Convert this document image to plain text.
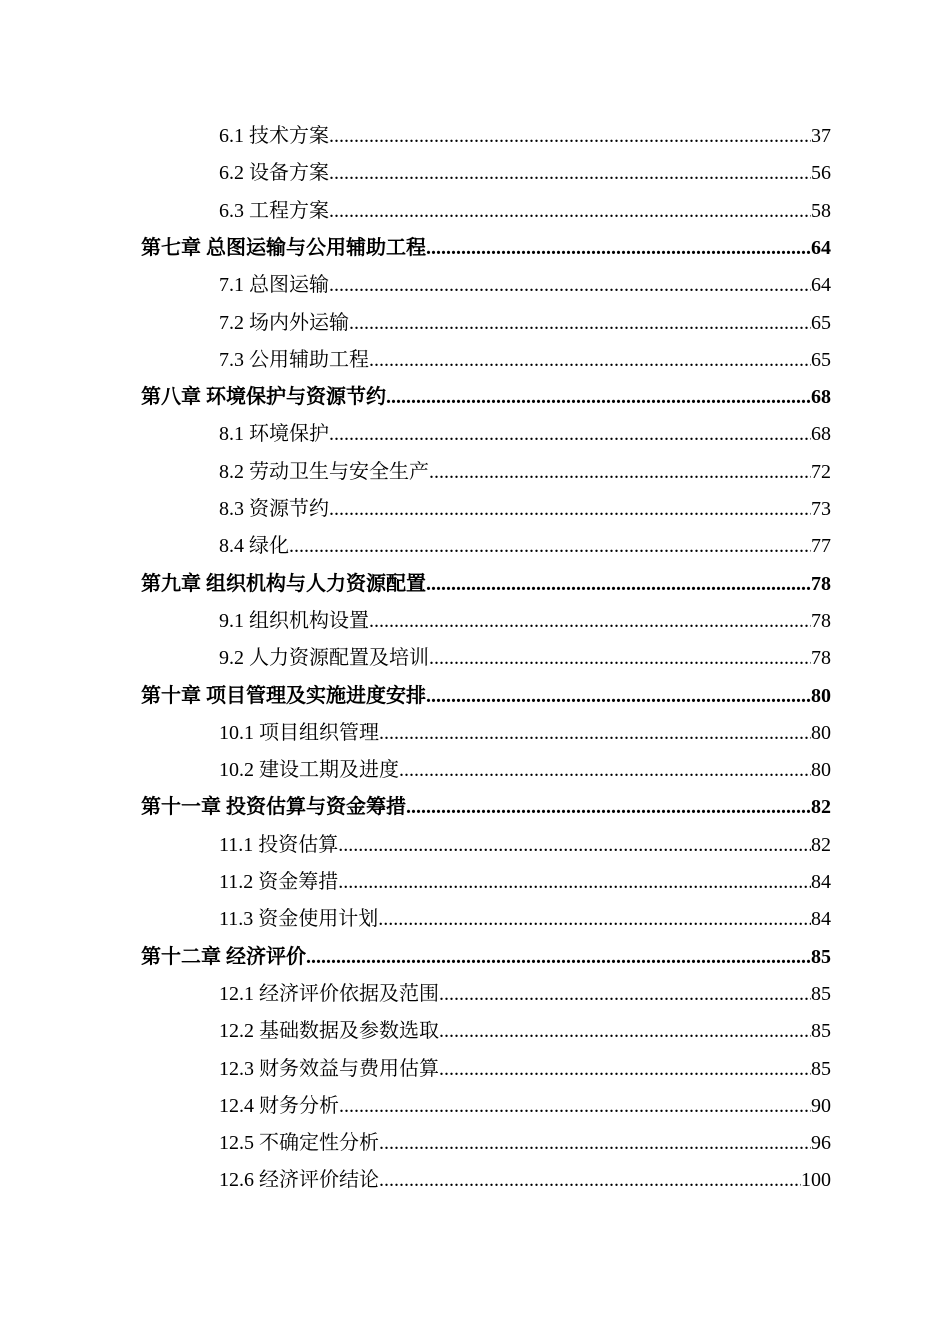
6.1 技术方案 .....	37
6.2 设备方案 .....	56
6.3 工程方案 .....	58
第七章 总图运输与公用辅助工程 .....	64
7.1 总图运输 .....	64
7.2 场内外运输 .....	65
7.3 公用辅助工程 .....	65
第八章 环境保护与资源节约 .....	68
8.1 环境保护 .....	68
8.2 劳动卫生与安全生产 .....	72
8.3 资源节约 .....	73
8.4 绿化 .....	77
第九章 组织机构与人力资源配置 .....	78
9.1 组织机构设置 .....	78
9.2 人力资源配置及培训 .....	78
第十章 项目管理及实施进度安排 .....	80
10.1 项目组织管理 .....	80
10.2 建设工期及进度 .....	80
第十一章 投资估算与资金筹措 .....	82
11.1 投资估算 .....	82
11.2 资金筹措 .....	84
11.3 资金使用计划 .....	84
第十二章 经济评价 .....	85
12.1 经济评价依据及范围 .....	85
12.2 基础数据及参数选取 .....	85
12.3 财务效益与费用估算 .....	85
12.4 财务分析 .....	90
12.5 不确定性分析 .....	96
12.6 经济评价结论 .....	100
